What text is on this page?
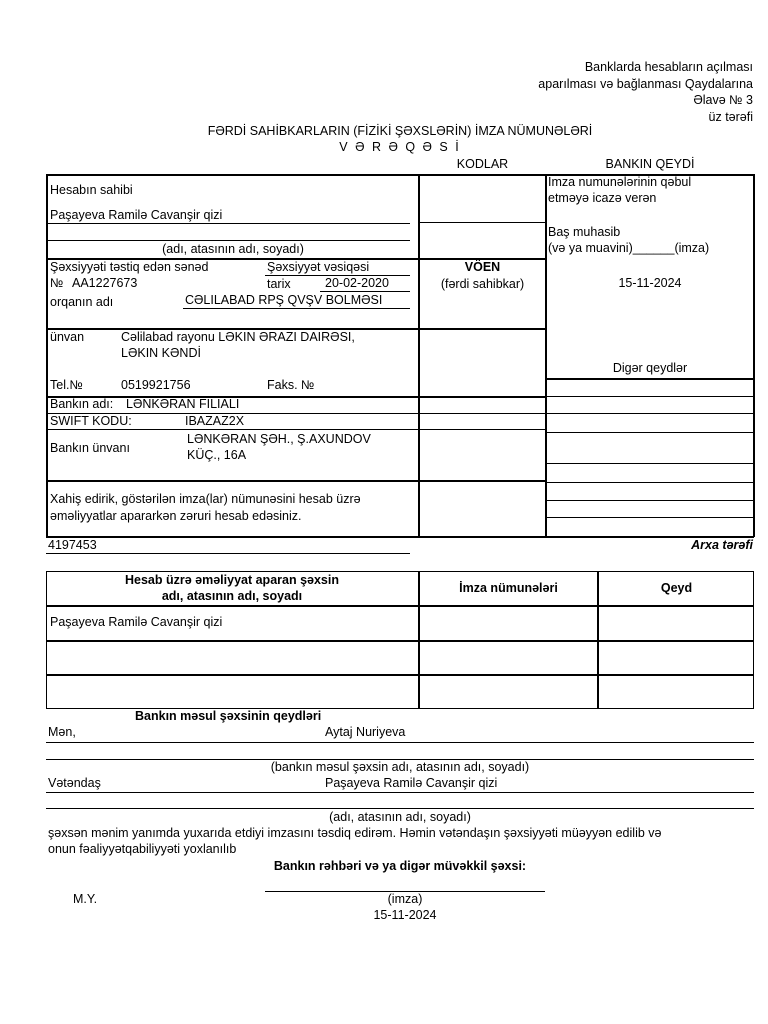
Banklarda hesabların açılması
aparılması və bağlanması Qaydalarına
Əlavə № 3
üz tərəfi
FƏRDİ SAHİBKARLARIN (FİZİKİ ŞƏXSLƏRİN) İMZA NÜMUNƏLƏRİ
V Ə R Ə Q Ə S İ
KODLAR	BANKIN QEYDİ
Hesabın sahibi
Paşayeva Ramilə Cavanşir qizi
(adı, atasının adı, soyadı)
Şəxsiyyəti təstiq edən sənəd	Şəxsiyyət vəsiqəsi
№ AA1227673	tarix	20-02-2020
orqanın adı	CƏLILABAD RPŞ QVŞV BOLMƏSI
VÖEN
(fərdi sahibkar)
ünvan	Cəlilabad rayonu LƏKIN ƏRAZI DAIRƏSI,
LƏKIN KƏNDİ
Tel.№	0519921756	Faks. №
Bankın adı: LƏNKƏRAN FILIALI
SWIFT KODU:	IBAZAZ2X
Bankın ünvanı
LƏNKƏRAN ŞƏH., Ş.AXUNDOV
KÜÇ., 16A
Xahiş edirik, göstərilən imza(lar) nümunəsini hesab üzrə
əməliyyatlar apararkən zəruri hesab edəsiniz.
İmza numunələrinin qəbul
etməyə icazə verən
Baş muhasib
(və ya muavini)______(imza)
15-11-2024
Digər qeydlər
4197453	Arxa tərəfi
Hesab üzrə əməliyyat aparan şəxsin
adı, atasının adı, soyadı
İmza nümunələri	Qeyd
Paşayeva Ramilə Cavanşir qizi
Bankın məsul şəxsinin qeydləri
Mən,	Aytaj Nuriyeva
(bankın məsul şəxsin adı, atasının adı, soyadı)
Vətəndaş	Paşayeva Ramilə Cavanşir qizi
(adı, atasının adı, soyadı)
şəxsən mənim yanımda yuxarıda etdiyi imzasını təsdiq edirəm. Həmin vətəndaşın şəxsiyyəti müəyyən edilib və
onun fəaliyyətqabiliyyəti yoxlanılıb
Bankın rəhbəri və ya digər müvəkkil şəxsi:
M.Y.	(imza)
15-11-2024
